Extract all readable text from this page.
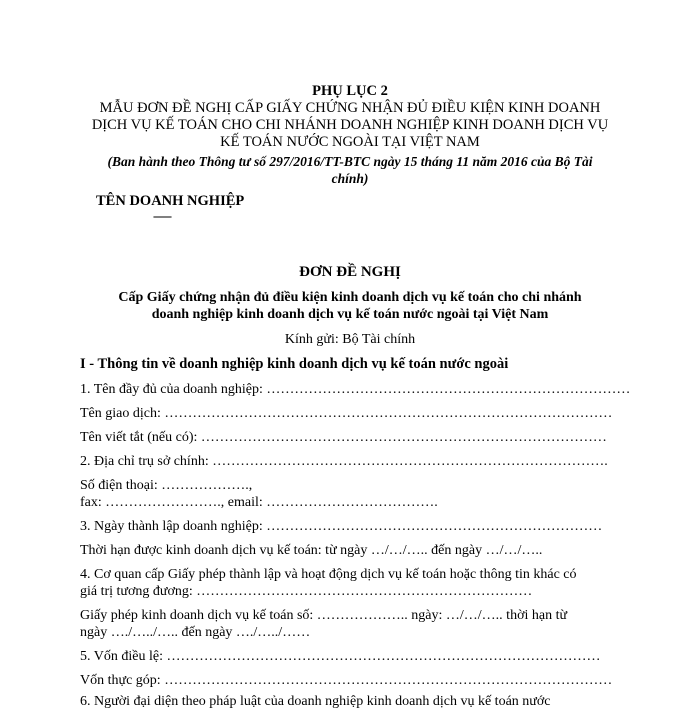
PHỤ LỤC 2
MẪU ĐƠN ĐỀ NGHỊ CẤP GIẤY CHỨNG NHẬN ĐỦ ĐIỀU KIỆN KINH DOANH
DỊCH VỤ KẾ TOÁN CHO CHI NHÁNH DOANH NGHIỆP KINH DOANH DỊCH VỤ
KẾ TOÁN NƯỚC NGOÀI TẠI VIỆT NAM
(Ban hành theo Thông tư số 297/2016/TT-BTC ngày 15 tháng 11 năm 2016 của Bộ Tài
chính)
TÊN DOANH NGHIỆP
------
ĐƠN ĐỀ NGHỊ
Cấp Giấy chứng nhận đủ điều kiện kinh doanh dịch vụ kế toán cho chi nhánh
doanh nghiệp kinh doanh dịch vụ kế toán nước ngoài tại Việt Nam
Kính gửi: Bộ Tài chính
I - Thông tin về doanh nghiệp kinh doanh dịch vụ kế toán nước ngoài
1. Tên đầy đủ của doanh nghiệp: ……………………………………………………………………
Tên giao dịch: ……………………………………………………………………………………
Tên viết tắt (nếu có): ……………………………………………………………………………
2. Địa chỉ trụ sở chính: ………………………………………………………………………….
Số điện thoại: ……………….,
fax: ……………………., email: ……………………………….
3. Ngày thành lập doanh nghiệp: ………………………………………………………………
Thời hạn được kinh doanh dịch vụ kế toán: từ ngày …/…/….. đến ngày …/…/…..
4. Cơ quan cấp Giấy phép thành lập và hoạt động dịch vụ kế toán hoặc thông tin khác có
giá trị tương đương: ………………………………………………………………
Giấy phép kinh doanh dịch vụ kế toán số: ……………….. ngày: …/…/….. thời hạn từ
ngày …./…../….. đến ngày …./…../……
5. Vốn điều lệ: …………………………………………………………………………………
Vốn thực góp: ……………………………………………………………………………………
6. Người đại diện theo pháp luật của doanh nghiệp kinh doanh dịch vụ kế toán nước
